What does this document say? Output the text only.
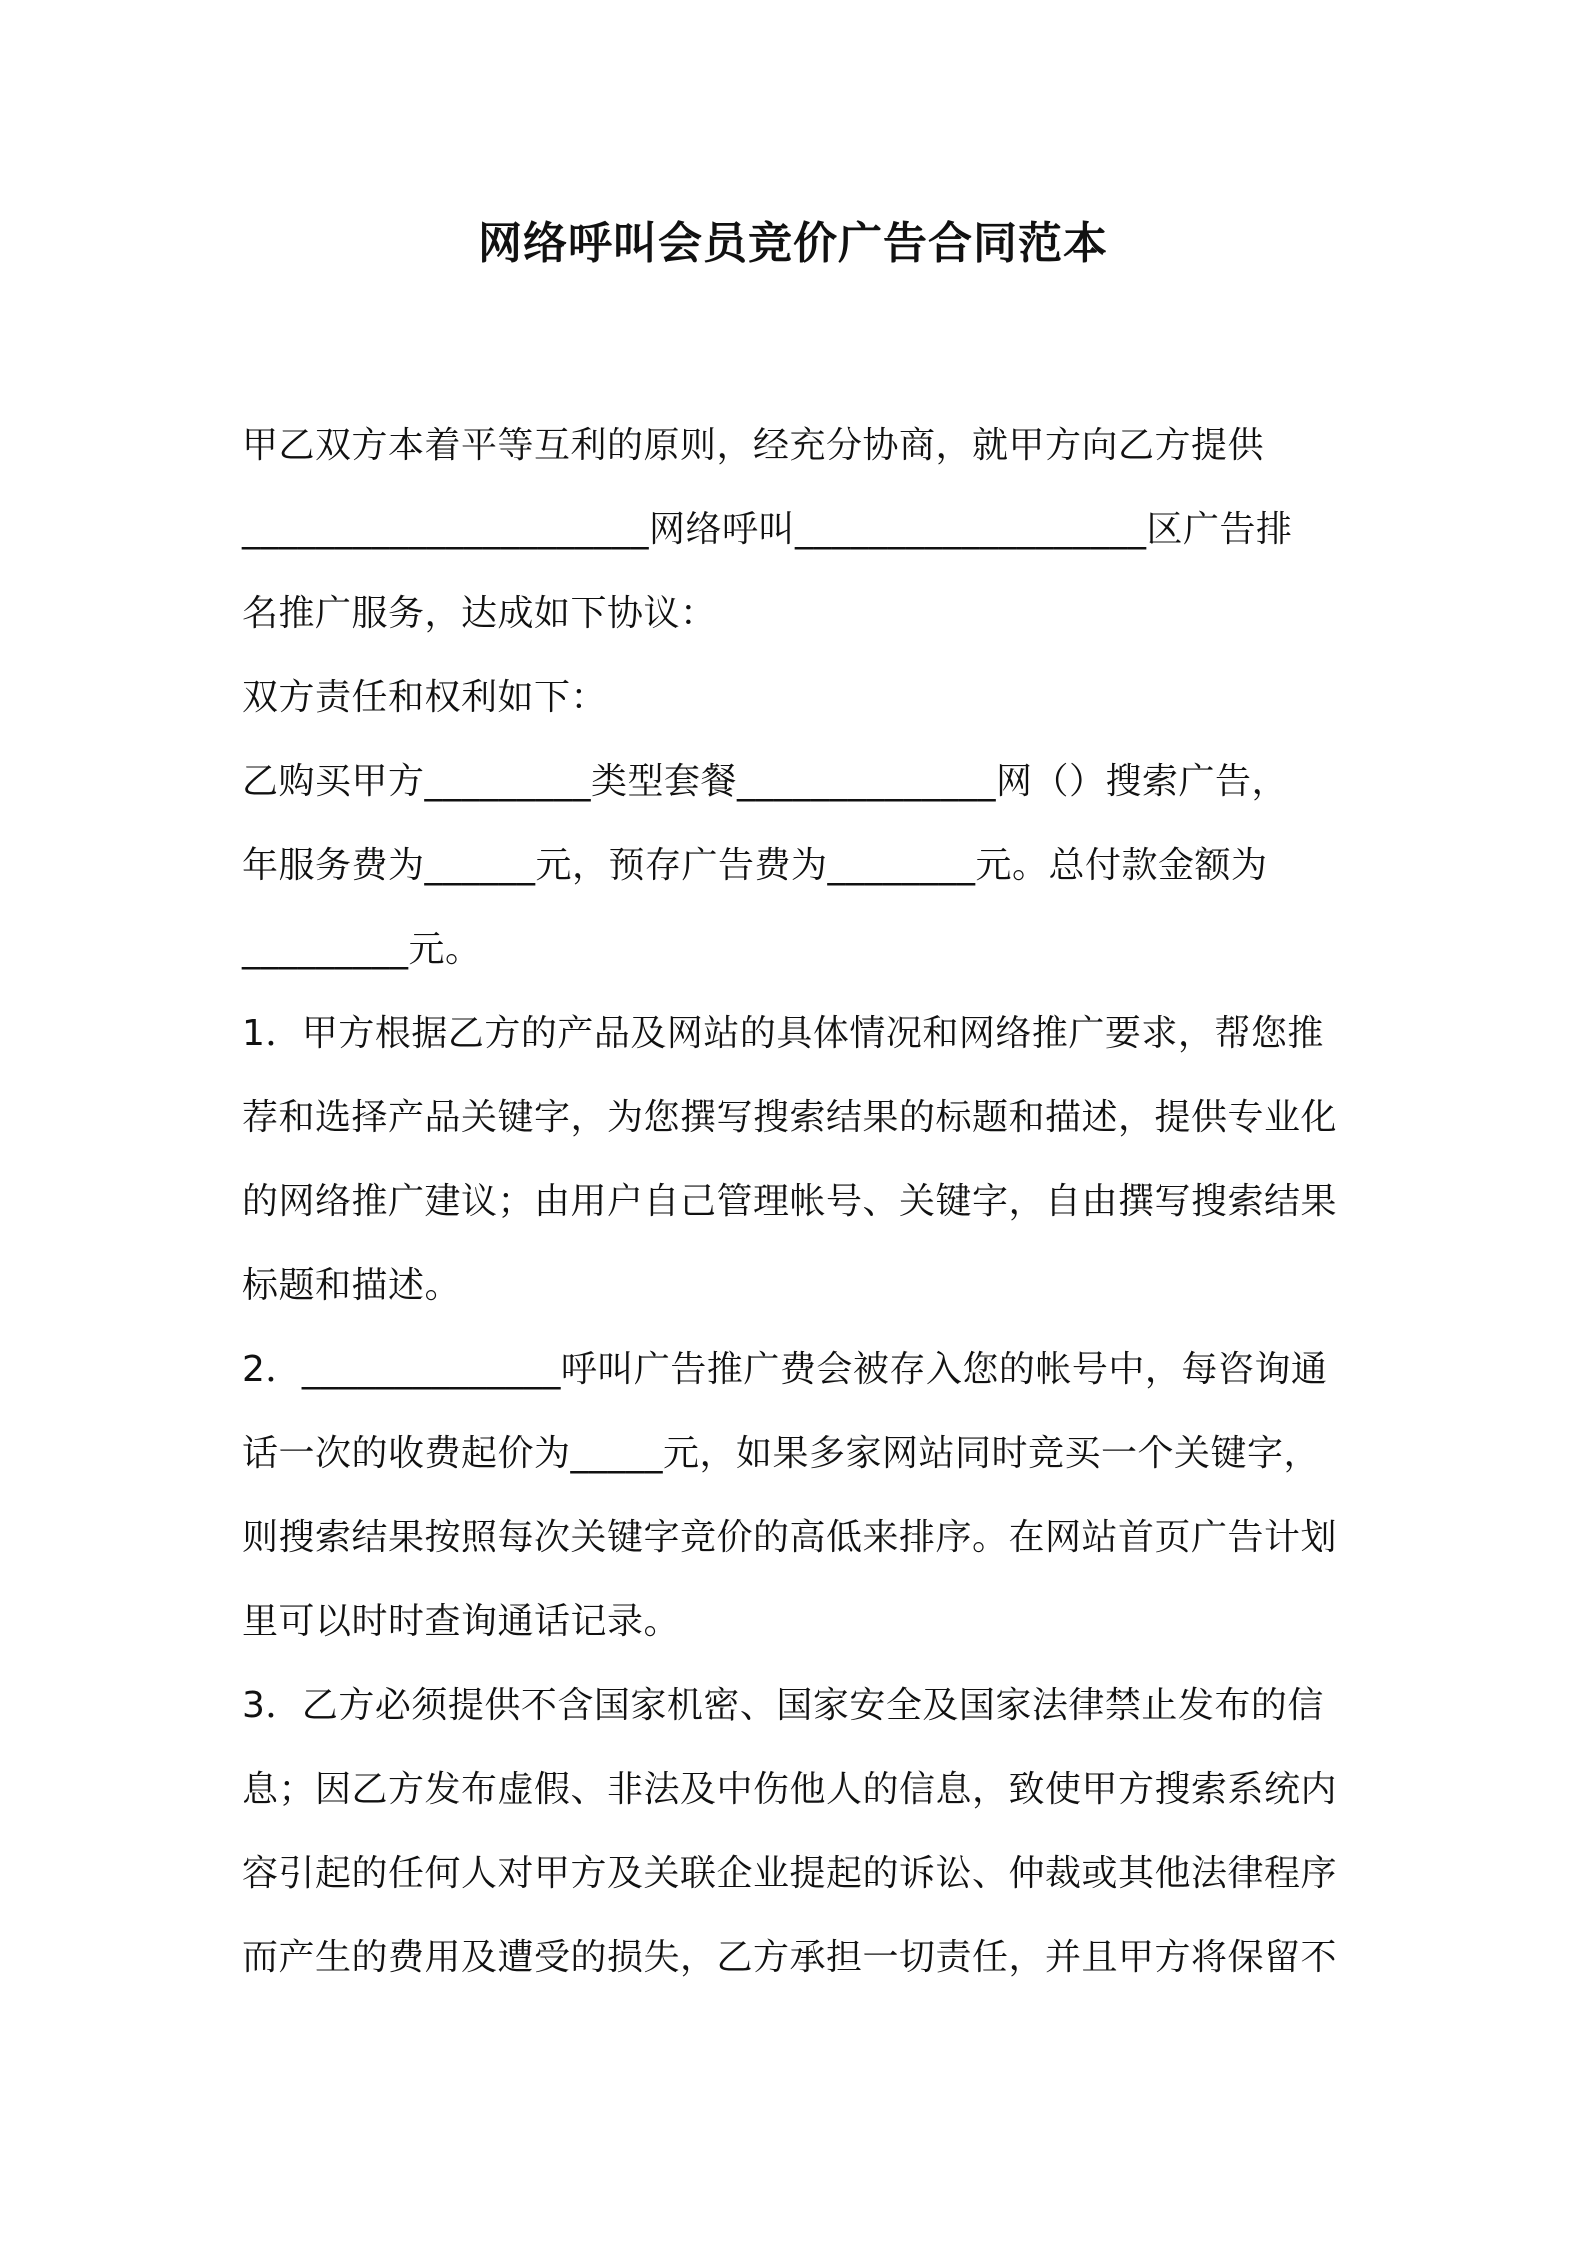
网络呼叫会员竞价广告合同范本
甲乙双方本着平等互利的原则，经充分协商，就甲方向乙方提供
______________________网络呼叫___________________区广告排
名推广服务，达成如下协议：
双方责任和权利如下：
乙购买甲方_________类型套餐______________网（）搜索广告，
年服务费为______元，预存广告费为________元。总付款金额为
_________元。
1．甲方根据乙方的产品及网站的具体情况和网络推广要求，帮您推
荐和选择产品关键字，为您撰写搜索结果的标题和描述，提供专业化
的网络推广建议；由用户自己管理帐号、关键字，自由撰写搜索结果
标题和描述。
2．______________呼叫广告推广费会被存入您的帐号中，每咨询通
话一次的收费起价为_____元，如果多家网站同时竞买一个关键字，
则搜索结果按照每次关键字竞价的高低来排序。在网站首页广告计划
里可以时时查询通话记录。
3．乙方必须提供不含国家机密、国家安全及国家法律禁止发布的信
息；因乙方发布虚假、非法及中伤他人的信息，致使甲方搜索系统内
容引起的任何人对甲方及关联企业提起的诉讼、仲裁或其他法律程序
而产生的费用及遭受的损失，乙方承担一切责任，并且甲方将保留不
